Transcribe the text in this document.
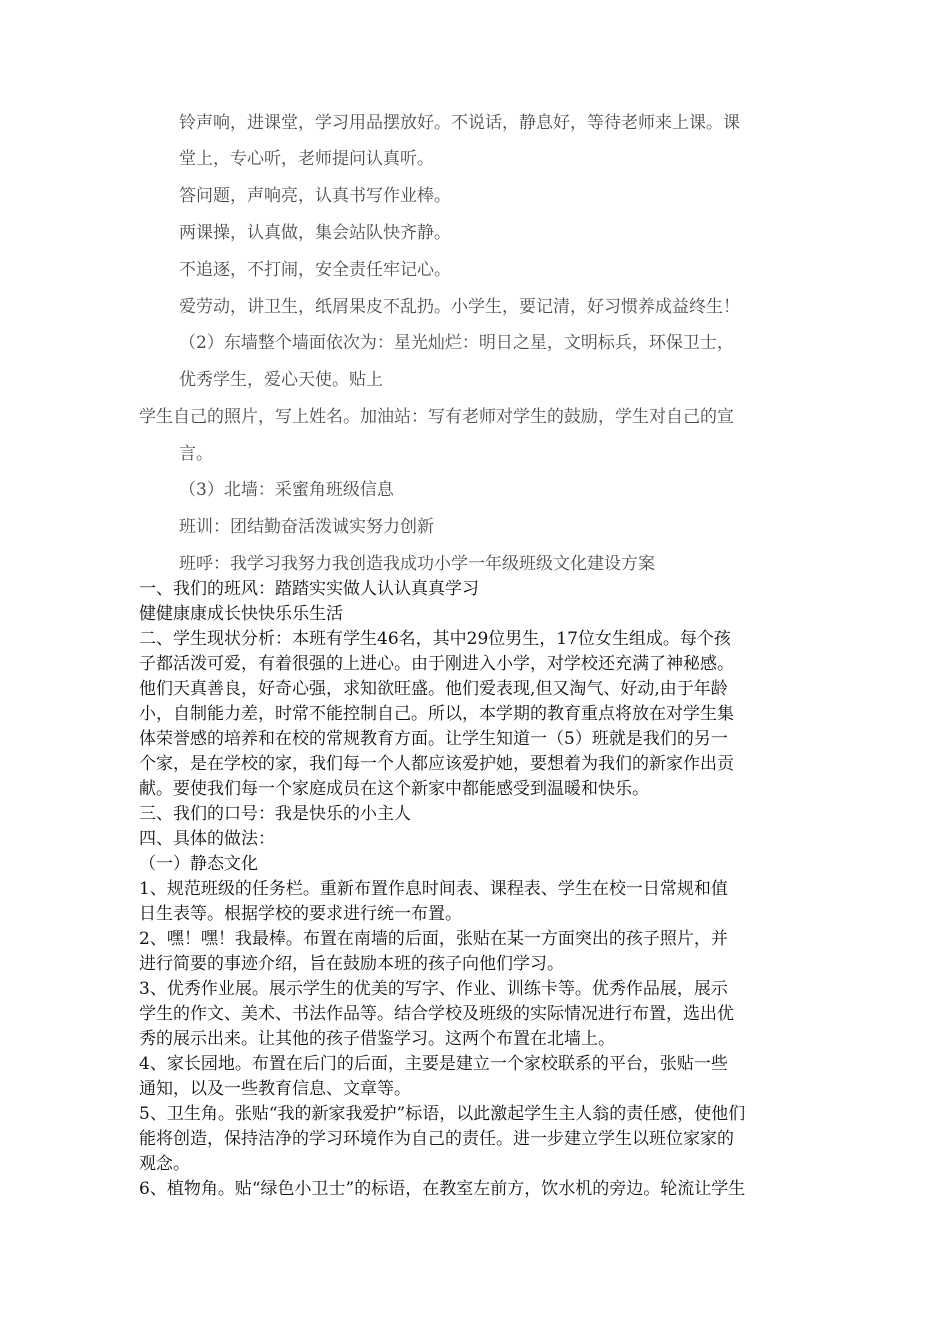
铃声响，进课堂，学习用品摆放好。不说话，静息好，等待老师来上课。课
堂上，专心听，老师提问认真听。
答问题，声响亮，认真书写作业棒。
两课操，认真做，集会站队快齐静。
不追逐，不打闹，安全责任牢记心。
爱劳动，讲卫生，纸屑果皮不乱扔。小学生，要记清，好习惯养成益终生！
（2）东墙整个墙面依次为：星光灿烂：明日之星，文明标兵，环保卫士，
优秀学生，爱心天使。贴上
学生自己的照片，写上姓名。加油站：写有老师对学生的鼓励，学生对自己的宣
言。
（3）北墙：采蜜角班级信息
班训：团结勤奋活泼诚实努力创新
班呼：我学习我努力我创造我成功小学一年级班级文化建设方案
一、我们的班风：踏踏实实做人认认真真学习
健健康康成长快快乐乐生活
二、学生现状分析：本班有学生46名，其中29位男生，17位女生组成。每个孩
子都活泼可爱，有着很强的上进心。由于刚进入小学，对学校还充满了神秘感。
他们天真善良，好奇心强，求知欲旺盛。他们爱表现,但又淘气、好动,由于年龄
小，自制能力差，时常不能控制自己。所以，本学期的教育重点将放在对学生集
体荣誉感的培养和在校的常规教育方面。让学生知道一（5）班就是我们的另一
个家，是在学校的家，我们每一个人都应该爱护她，要想着为我们的新家作出贡
献。要使我们每一个家庭成员在这个新家中都能感受到温暖和快乐。
三、我们的口号：我是快乐的小主人
四、具体的做法：
（一）静态文化
1、规范班级的任务栏。重新布置作息时间表、课程表、学生在校一日常规和值
日生表等。根据学校的要求进行统一布置。
2、嘿！嘿！我最棒。布置在南墙的后面，张贴在某一方面突出的孩子照片，并
进行简要的事迹介绍，旨在鼓励本班的孩子向他们学习。
3、优秀作业展。展示学生的优美的写字、作业、训练卡等。优秀作品展，展示
学生的作文、美术、书法作品等。结合学校及班级的实际情况进行布置，选出优
秀的展示出来。让其他的孩子借鉴学习。这两个布置在北墙上。
4、家长园地。布置在后门的后面，主要是建立一个家校联系的平台，张贴一些
通知，以及一些教育信息、文章等。
5、卫生角。张贴“我的新家我爱护”标语，以此激起学生主人翁的责任感，使他们
能将创造，保持洁净的学习环境作为自己的责任。进一步建立学生以班位家家的
观念。
6、植物角。贴“绿色小卫士”的标语，在教室左前方，饮水机的旁边。轮流让学生
